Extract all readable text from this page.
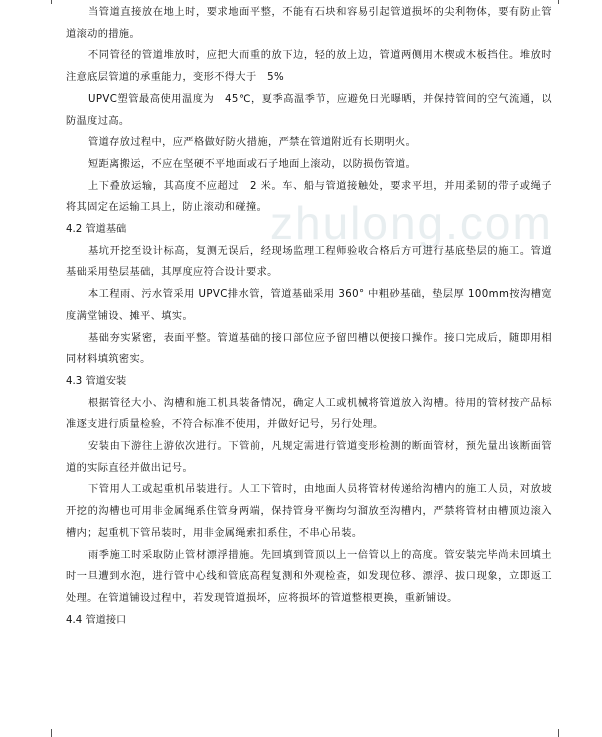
zhulong.com

当管道直接放在地上时，要求地面平整，不能有石块和容易引起管道损坏的尖利物体，要有防止管道滚动的措施。

不同管径的管道堆放时，应把大而重的放下边，轻的放上边，管道两侧用木楔或木板挡住。堆放时注意底层管道的承重能力，变形不得大于　5%

UPVC塑管最高使用温度为　45℃，夏季高温季节，应避免日光曝晒，并保持管间的空气流通，以防温度过高。

管道存放过程中，应严格做好防火措施，严禁在管道附近有长期明火。

短距离搬运，不应在坚硬不平地面或石子地面上滚动，以防损伤管道。

上下叠放运输，其高度不应超过　2 米。车、船与管道接触处，要求平坦，并用柔韧的带子或绳子将其固定在运输工具上，防止滚动和碰撞。

4.2 管道基础

基坑开挖至设计标高，复测无误后，经现场监理工程师验收合格后方可进行基底垫层的施工。管道基础采用垫层基础，其厚度应符合设计要求。

本工程雨、污水管采用 UPVC排水管，管道基础采用 360° 中粗砂基础，垫层厚 100mm按沟槽宽度满堂铺设、摊平、填实。

基础夯实紧密，表面平整。管道基础的接口部位应予留凹槽以便接口操作。接口完成后，随即用相同材料填筑密实。

4.3 管道安装

根据管径大小、沟槽和施工机具装备情况，确定人工或机械将管道放入沟槽。待用的管材按产品标准逐支进行质量检验，不符合标准不使用，并做好记号，另行处理。

安装由下游往上游依次进行。下管前，凡规定需进行管道变形检测的断面管材，预先量出该断面管道的实际直径并做出记号。

下管用人工或起重机吊装进行。人工下管时，由地面人员将管材传递给沟槽内的施工人员，对放坡开挖的沟槽也可用非金属绳系住管身两端，保持管身平衡均匀溜放至沟槽内，严禁将管材由槽顶边滚入槽内；起重机下管吊装时，用非金属绳索扣系住，不串心吊装。

雨季施工时采取防止管材漂浮措施。先回填到管顶以上一倍管以上的高度。管安装完毕尚未回填土时一旦遭到水泡，进行管中心线和管底高程复测和外观检查，如发现位移、漂浮、拔口现象，立即返工处理。在管道铺设过程中，若发现管道损坏，应将损坏的管道整根更换，重新铺设。

4.4 管道接口
